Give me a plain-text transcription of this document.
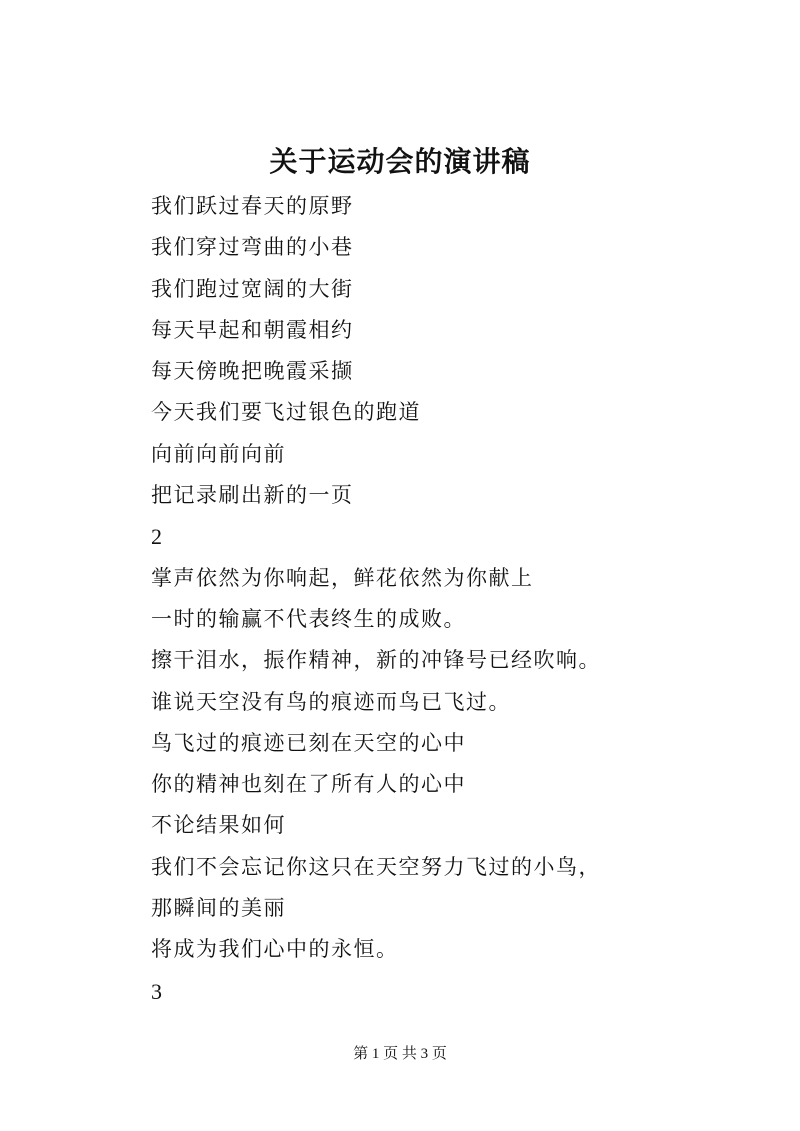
关于运动会的演讲稿
我们跃过春天的原野
我们穿过弯曲的小巷
我们跑过宽阔的大街
每天早起和朝霞相约
每天傍晚把晚霞采撷
今天我们要飞过银色的跑道
向前向前向前
把记录刷出新的一页
2
掌声依然为你响起，鲜花依然为你献上
一时的输赢不代表终生的成败。
擦干泪水，振作精神，新的冲锋号已经吹响。
谁说天空没有鸟的痕迹而鸟已飞过。
鸟飞过的痕迹已刻在天空的心中
你的精神也刻在了所有人的心中
不论结果如何
我们不会忘记你这只在天空努力飞过的小鸟，
那瞬间的美丽
将成为我们心中的永恒。
3
第 1 页 共 3 页
